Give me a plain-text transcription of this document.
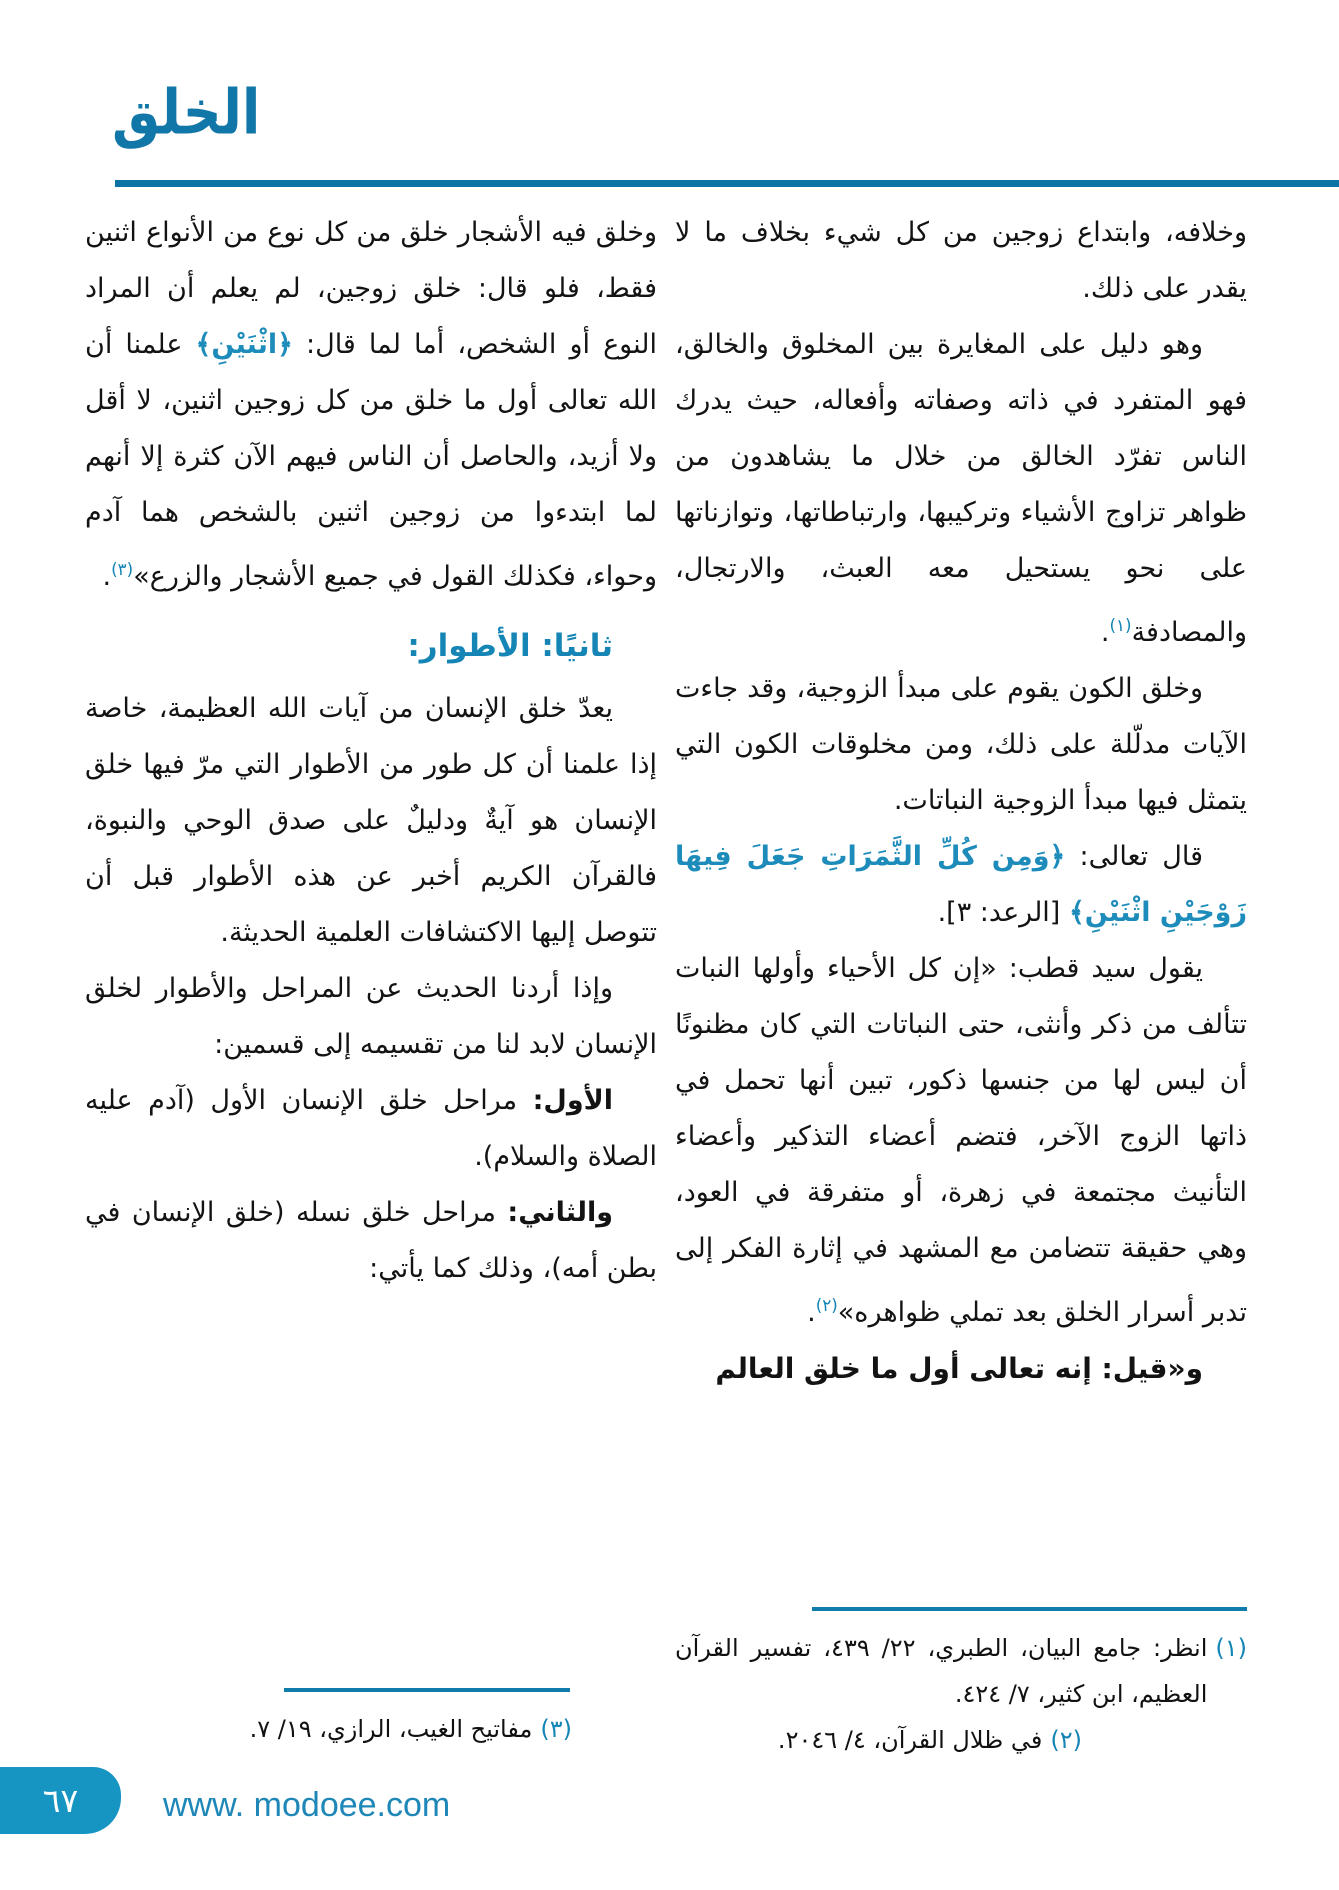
الخلق

وخلافه، وابتداع زوجين من كل شيء بخلاف ما لا يقدر على ذلك.

وهو دليل على المغايرة بين المخلوق والخالق، فهو المتفرد في ذاته وصفاته وأفعاله، حيث يدرك الناس تفرّد الخالق من خلال ما يشاهدون من ظواهر تزاوج الأشياء وتركيبها، وارتباطاتها، وتوازناتها على نحو يستحيل معه العبث، والارتجال، والمصادفة$^{(١)}$.

وخلق الكون يقوم على مبدأ الزوجية، وقد جاءت الآيات مدلّلة على ذلك، ومن مخلوقات الكون التي يتمثل فيها مبدأ الزوجية النباتات.

قال تعالى: ﴿وَمِن كُلِّ الثَّمَرَاتِ جَعَلَ فِيهَا زَوْجَيْنِ اثْنَيْنِ﴾ [الرعد: ٣].

يقول سيد قطب: «إن كل الأحياء وأولها النبات تتألف من ذكر وأنثى، حتى النباتات التي كان مظنونًا أن ليس لها من جنسها ذكور، تبين أنها تحمل في ذاتها الزوج الآخر، فتضم أعضاء التذكير وأعضاء التأنيث مجتمعة في زهرة، أو متفرقة في العود، وهي حقيقة تتضامن مع المشهد في إثارة الفكر إلى تدبر أسرار الخلق بعد تملي ظواهره»$^{(٢)}$.

و«قيل: إنه تعالى أول ما خلق العالم

(١)
انظر: جامع البيان، الطبري، ٢٢/ ٤٣٩، تفسير القرآن العظيم، ابن كثير، ٧/ ٤٢٤.
(٢)
في ظلال القرآن، ٤/ ٢٠٤٦.

وخلق فيه الأشجار خلق من كل نوع من الأنواع اثنين فقط، فلو قال: خلق زوجين، لم يعلم أن المراد النوع أو الشخص، أما لما قال: ﴿اثْنَيْنِ﴾ علمنا أن الله تعالى أول ما خلق من كل زوجين اثنين، لا أقل ولا أزيد، والحاصل أن الناس فيهم الآن كثرة إلا أنهم لما ابتدءوا من زوجين اثنين بالشخص هما آدم وحواء، فكذلك القول في جميع الأشجار والزرع»$^{(٣)}$.

ثانيًا: الأطوار:

يعدّ خلق الإنسان من آيات الله العظيمة، خاصة إذا علمنا أن كل طور من الأطوار التي مرّ فيها خلق الإنسان هو آيةٌ ودليلٌ على صدق الوحي والنبوة، فالقرآن الكريم أخبر عن هذه الأطوار قبل أن تتوصل إليها الاكتشافات العلمية الحديثة.

وإذا أردنا الحديث عن المراحل والأطوار لخلق الإنسان لابد لنا من تقسيمه إلى قسمين:

الأول: مراحل خلق الإنسان الأول (آدم عليه الصلاة والسلام).

والثاني: مراحل خلق نسله (خلق الإنسان في بطن أمه)، وذلك كما يأتي:

(٣)
مفاتيح الغيب، الرازي، ١٩/ ٧.
٦٧ www. modoee.com
